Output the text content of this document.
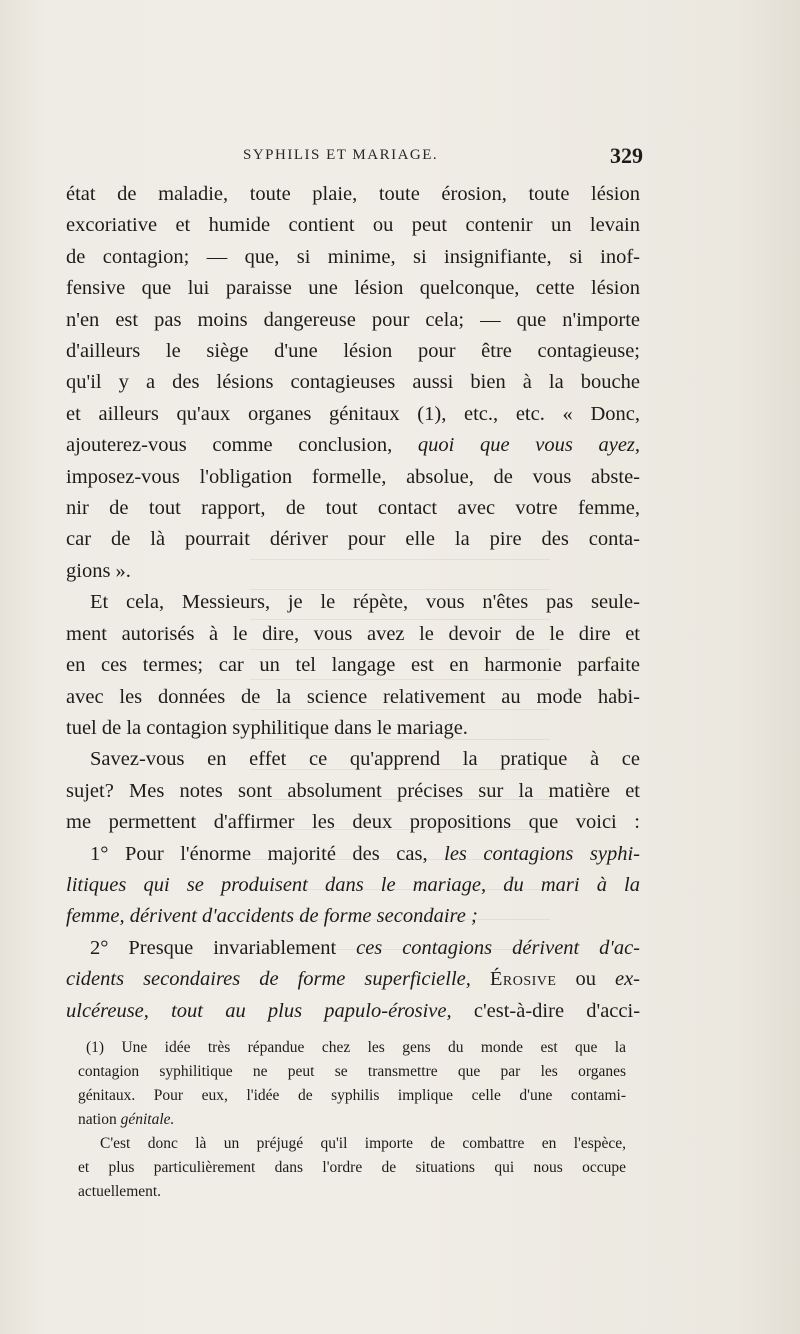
SYPHILIS ET MARIAGE.	329

état de maladie, toute plaie, toute érosion, toute lésion

excoriative et humide contient ou peut contenir un levain

de contagion; — que, si minime, si insignifiante, si inof-

fensive que lui paraisse une lésion quelconque, cette lésion

n'en est pas moins dangereuse pour cela; — que n'importe

d'ailleurs le siège d'une lésion pour être contagieuse;

qu'il y a des lésions contagieuses aussi bien à la bouche

et ailleurs qu'aux organes génitaux (1), etc., etc. « Donc,

ajouterez-vous comme conclusion, quoi que vous ayez,

imposez-vous l'obligation formelle, absolue, de vous abste-

nir de tout rapport, de tout contact avec votre femme,

car de là pourrait dériver pour elle la pire des conta-

gions ».

Et cela, Messieurs, je le répète, vous n'êtes pas seule-

ment autorisés à le dire, vous avez le devoir de le dire et

en ces termes; car un tel langage est en harmonie parfaite

avec les données de la science relativement au mode habi-

tuel de la contagion syphilitique dans le mariage.

Savez-vous en effet ce qu'apprend la pratique à ce

sujet? Mes notes sont absolument précises sur la matière et

me permettent d'affirmer les deux propositions que voici :

1° Pour l'énorme majorité des cas, les contagions syphi-

litiques qui se produisent dans le mariage, du mari à la

femme, dérivent d'accidents de forme secondaire ;

2° Presque invariablement ces contagions dérivent d'ac-

cidents secondaires de forme superficielle, Érosive ou ex-

ulcéreuse, tout au plus papulo-érosive, c'est-à-dire d'acci-

(1) Une idée très répandue chez les gens du monde est que la

contagion syphilitique ne peut se transmettre que par les organes

génitaux. Pour eux, l'idée de syphilis implique celle d'une contami-

nation génitale.

C'est donc là un préjugé qu'il importe de combattre en l'espèce,

et plus particulièrement dans l'ordre de situations qui nous occupe

actuellement.
